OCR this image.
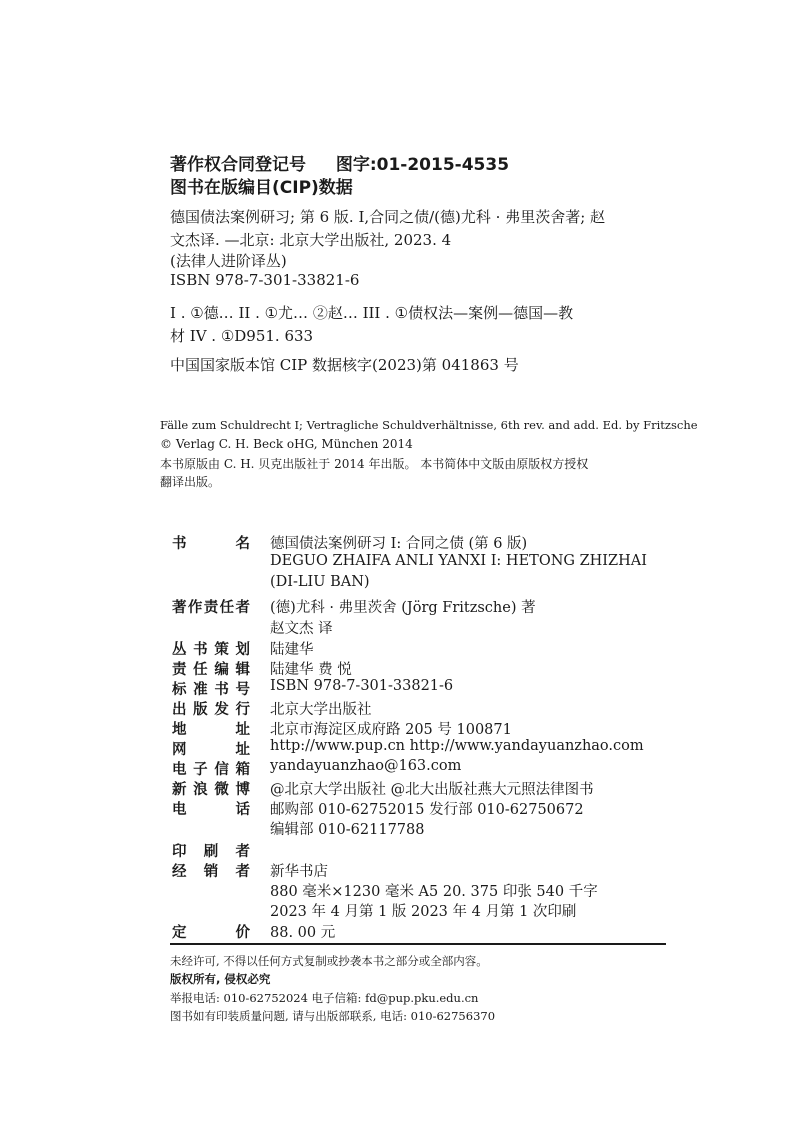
著作权合同登记号 图字:01-2015-4535
图书在版编目(CIP)数据
德国债法案例研习; 第 6 版. I,合同之债/(德)尤科 · 弗里茨舍著; 赵
文杰译. —北京: 北京大学出版社, 2023. 4
(法律人进阶译丛)
ISBN 978-7-301-33821-6
I . ①德… II . ①尤… ②赵… III . ①债权法—案例—德国—教
材 IV . ①D951. 633
中国国家版本馆 CIP 数据核字(2023)第 041863 号
Fälle zum Schuldrecht I; Vertragliche Schuldverhältnisse, 6th rev. and add. Ed. by Fritzsche
© Verlag C. H. Beck oHG, München 2014
本书原版由 C. H. 贝克出版社于 2014 年出版。 本书简体中文版由原版权方授权
翻译出版。
书	名 德国债法案例研习 I: 合同之债 (第 6 版)
DEGUO ZHAIFA ANLI YANXI I: HETONG ZHIZHAI
(DI-LIU BAN)
著 作 责 任 者 (德)尤科 · 弗里茨舍 (Jörg Fritzsche) 著
赵文杰 译
丛 书 策 划 陆建华
责 任 编 辑 陆建华 费 悦
标 准 书 号 ISBN 978-7-301-33821-6
出 版 发 行 北京大学出版社
地	址 北京市海淀区成府路 205 号 100871
网	址 http://www.pup.cn http://www.yandayuanzhao.com
电 子 信 箱 yandayuanzhao@163.com
新 浪 微 博 @北京大学出版社 @北大出版社燕大元照法律图书
电	话 邮购部 010-62752015 发行部 010-62750672
编辑部 010-62117788
印 刷 者
经 销 者 新华书店
880 毫米×1230 毫米 A5 20. 375 印张 540 千字
2023 年 4 月第 1 版 2023 年 4 月第 1 次印刷
定	价 88. 00 元
未经许可, 不得以任何方式复制或抄袭本书之部分或全部内容。
版权所有, 侵权必究
举报电话: 010-62752024 电子信箱: fd@pup.pku.edu.cn
图书如有印装质量问题, 请与出版部联系, 电话: 010-62756370
